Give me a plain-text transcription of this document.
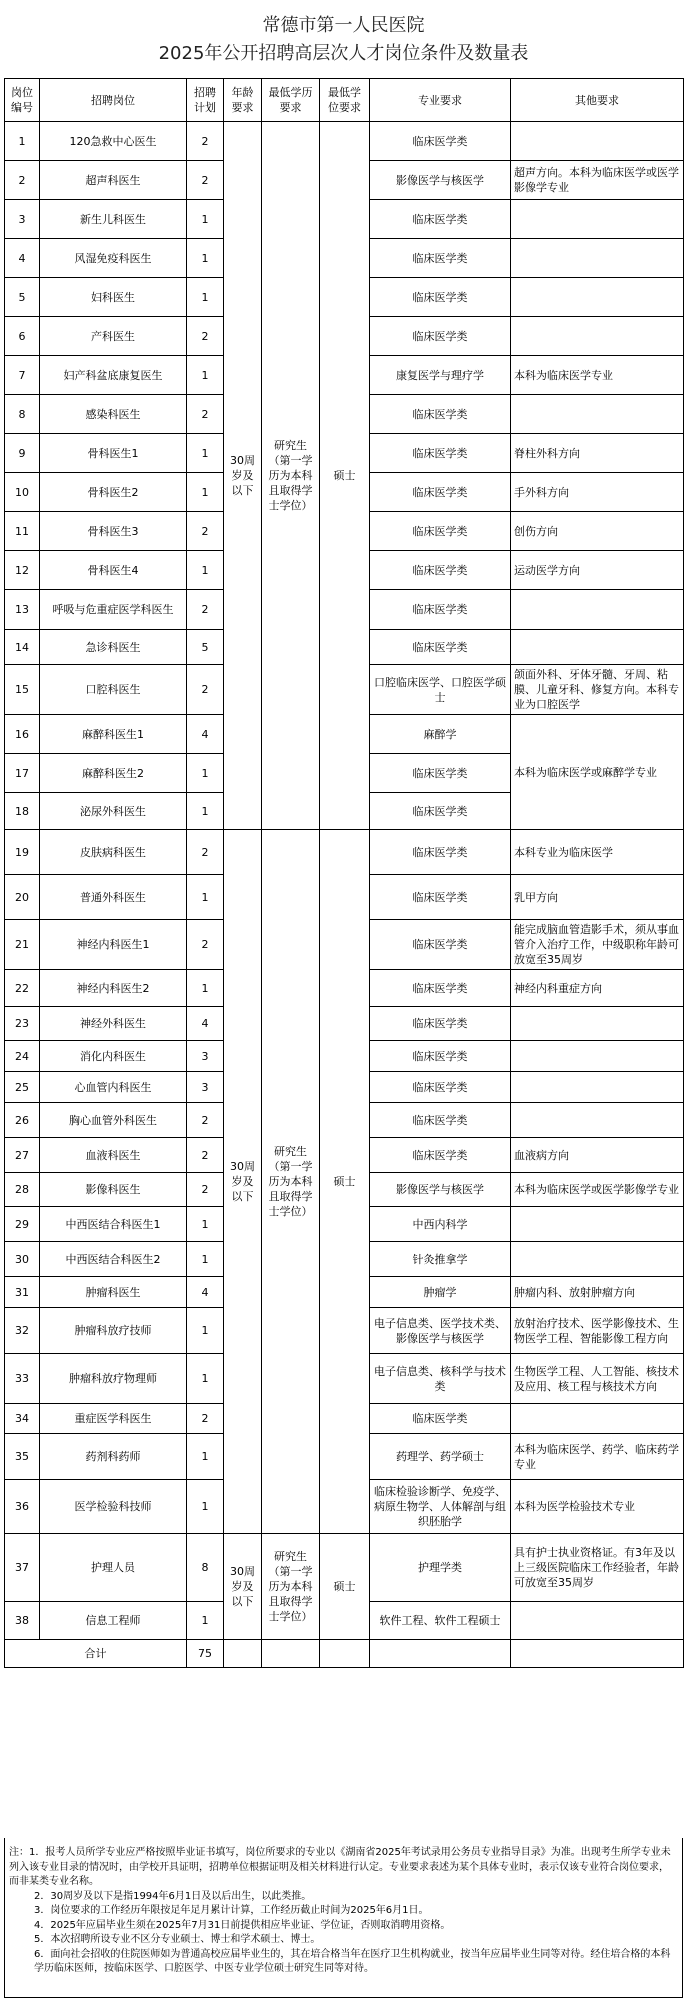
常德市第一人民医院
2025年公开招聘高层次人才岗位条件及数量表
岗位编号	招聘岗位	招聘计划	年龄要求	最低学历要求	最低学位要求	专业要求	其他要求
1	120急救中心医生	2	30周岁及以下	研究生（第一学历为本科且取得学士学位）	硕士	临床医学类	
2	超声科医生	2				影像医学与核医学	超声方向。本科为临床医学或医学影像学专业
3	新生儿科医生	1				临床医学类	
4	风湿免疫科医生	1				临床医学类	
5	妇科医生	1				临床医学类	
6	产科医生	2				临床医学类	
7	妇产科盆底康复医生	1				康复医学与理疗学	本科为临床医学专业
8	感染科医生	2				临床医学类	
9	骨科医生1	1				临床医学类	脊柱外科方向
10	骨科医生2	1				临床医学类	手外科方向
11	骨科医生3	2				临床医学类	创伤方向
12	骨科医生4	1				临床医学类	运动医学方向
13	呼吸与危重症医学科医生	2				临床医学类	
14	急诊科医生	5				临床医学类	
15	口腔科医生	2				口腔临床医学、口腔医学硕士	颌面外科、牙体牙髓、牙周、粘膜、儿童牙科、修复方向。本科专业为口腔医学
16	麻醉科医生1	4				麻醉学	本科为临床医学或麻醉学专业
17	麻醉科医生2	1				临床医学类	
18	泌尿外科医生	1				临床医学类	
19	皮肤病科医生	2	30周岁及以下	研究生（第一学历为本科且取得学士学位）	硕士	临床医学类	本科专业为临床医学
20	普通外科医生	1				临床医学类	乳甲方向
21	神经内科医生1	2				临床医学类	能完成脑血管造影手术，须从事血管介入治疗工作，中级职称年龄可放宽至35周岁
22	神经内科医生2	1				临床医学类	神经内科重症方向
23	神经外科医生	4				临床医学类	
24	消化内科医生	3				临床医学类	
25	心血管内科医生	3				临床医学类	
26	胸心血管外科医生	2				临床医学类	
27	血液科医生	2				临床医学类	血液病方向
28	影像科医生	2				影像医学与核医学	本科为临床医学或医学影像学专业
29	中西医结合科医生1	1				中西内科学	
30	中西医结合科医生2	1				针灸推拿学	
31	肿瘤科医生	4				肿瘤学	肿瘤内科、放射肿瘤方向
32	肿瘤科放疗技师	1				电子信息类、医学技术类、影像医学与核医学	放射治疗技术、医学影像技术、生物医学工程、智能影像工程方向
33	肿瘤科放疗物理师	1				电子信息类、核科学与技术类	生物医学工程、人工智能、核技术及应用、核工程与核技术方向
34	重症医学科医生	2				临床医学类	
35	药剂科药师	1				药理学、药学硕士	本科为临床医学、药学、临床药学专业
36	医学检验科技师	1				临床检验诊断学、免疫学、病原生物学、人体解剖与组织胚胎学	本科为医学检验技术专业
37	护理人员	8	30周岁及以下	研究生（第一学历为本科且取得学士学位）	硕士	护理学类	具有护士执业资格证。有3年及以上三级医院临床工作经验者，年龄可放宽至35周岁
38	信息工程师	1				软件工程、软件工程硕士	
合计		75					

注：1．报考人员所学专业应严格按照毕业证书填写，岗位所要求的专业以《湖南省2025年考试录用公务员专业指导目录》为准。出现考生所学专业未列入该专业目录的情况时，由学校开具证明，招聘单位根据证明及相关材料进行认定。专业要求表述为某个具体专业时，表示仅该专业符合岗位要求，而非某类专业名称。

2．30周岁及以下是指1994年6月1日及以后出生，以此类推。

3．岗位要求的工作经历年限按足年足月累计计算，工作经历截止时间为2025年6月1日。

4．2025年应届毕业生须在2025年7月31日前提供相应毕业证、学位证，否则取消聘用资格。

5．本次招聘所设专业不区分专业硕士、博士和学术硕士、博士。

6．面向社会招收的住院医师如为普通高校应届毕业生的，其在培合格当年在医疗卫生机构就业，按当年应届毕业生同等对待。经住培合格的本科学历临床医师，按临床医学、口腔医学、中医专业学位硕士研究生同等对待。
